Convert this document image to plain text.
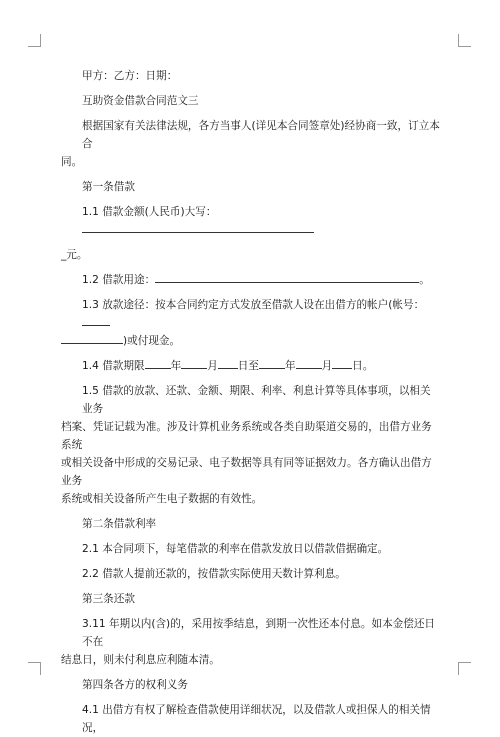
甲方：乙方：日期：

互助资金借款合同范文三

根据国家有关法律法规，各方当事人(详见本合同签章处)经协商一致，订立本合

同。

第一条借款

1.1 借款金额(人民币)大写：

_元。

1.2 借款用途：	。

1.3 放款途径：按本合同约定方式发放至借款人设在出借方的帐户(帐号：

)或付现金。

1.4 借款期限 年 月 日至 年 月 日。

1.5 借款的放款、还款、金额、期限、利率、利息计算等具体事项，以相关业务

档案、凭证记载为准。涉及计算机业务系统或各类自助渠道交易的，出借方业务系统

或相关设备中形成的交易记录、电子数据等具有同等证据效力。各方确认出借方业务

系统或相关设备所产生电子数据的有效性。

第二条借款利率

2.1 本合同项下，每笔借款的利率在借款发放日以借款借据确定。

2.2 借款人提前还款的，按借款实际使用天数计算利息。

第三条还款

3.11 年期以内(含)的，采用按季结息，到期一次性还本付息。如本金偿还日不在

结息日，则未付利息应利随本清。

第四条各方的权利义务

4.1 出借方有权了解检查借款使用详细状况，以及借款人或担保人的相关情况，
